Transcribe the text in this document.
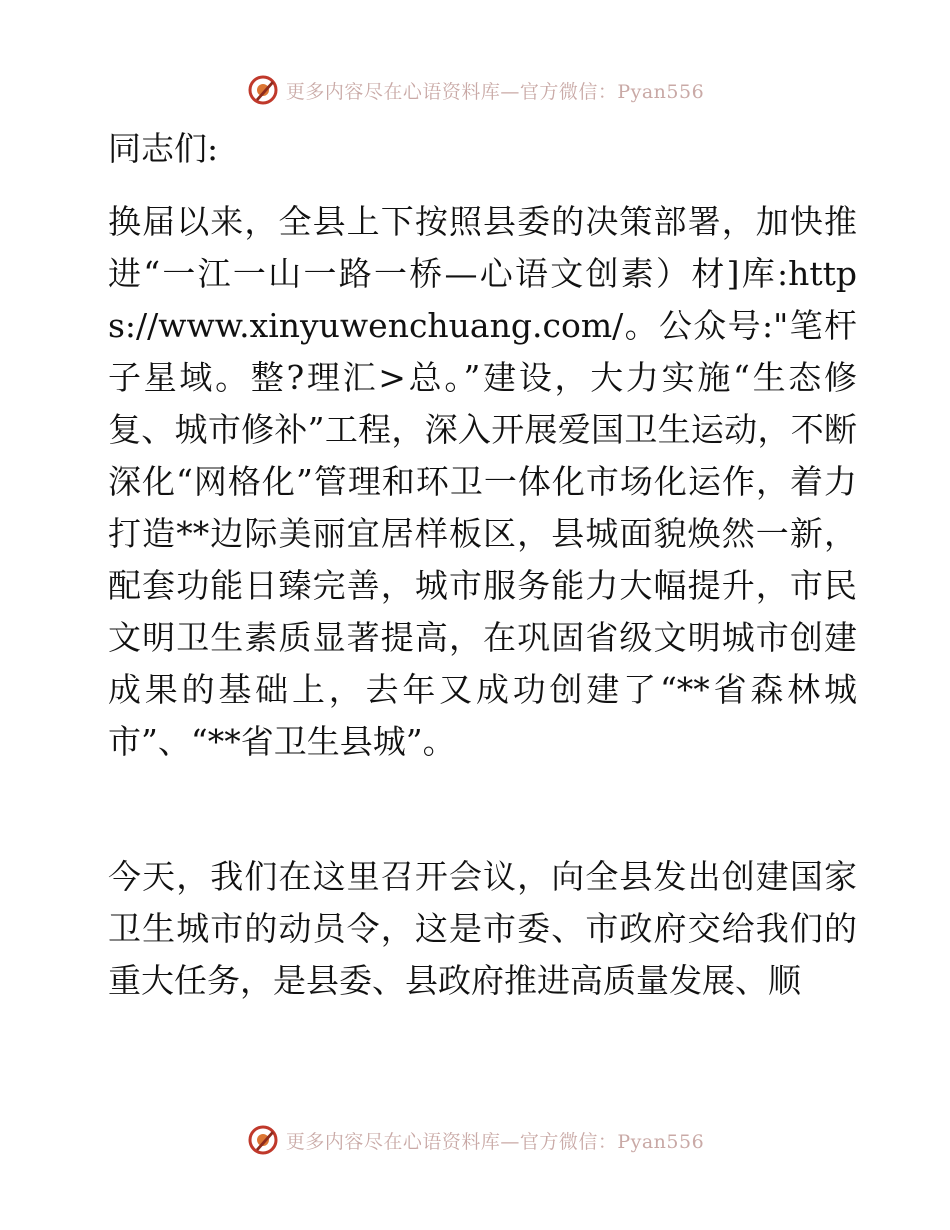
更多内容尽在心语资料库—官方微信：Pyan556
同志们:

换届以来，全县上下按照县委的决策部署，加快推进“一江一山一路一桥—心语文创素）材]库:https://www.xinyuwenchuang.com/。公众号:"笔杆子星域。整?理汇>总。”建设，大力实施“生态修复、城市修补”工程，深入开展爱国卫生运动，不断深化“网格化”管理和环卫一体化市场化运作，着力打造**边际美丽宜居样板区，县城面貌焕然一新，配套功能日臻完善，城市服务能力大幅提升，市民文明卫生素质显著提高，在巩固省级文明城市创建成果的基础上，去年又成功创建了“**省森林城市”、“**省卫生县城”。

今天，我们在这里召开会议，向全县发出创建国家卫生城市的动员令，这是市委、市政府交给我们的重大任务，是县委、县政府推进高质量发展、顺

更多内容尽在心语资料库—官方微信：Pyan556
